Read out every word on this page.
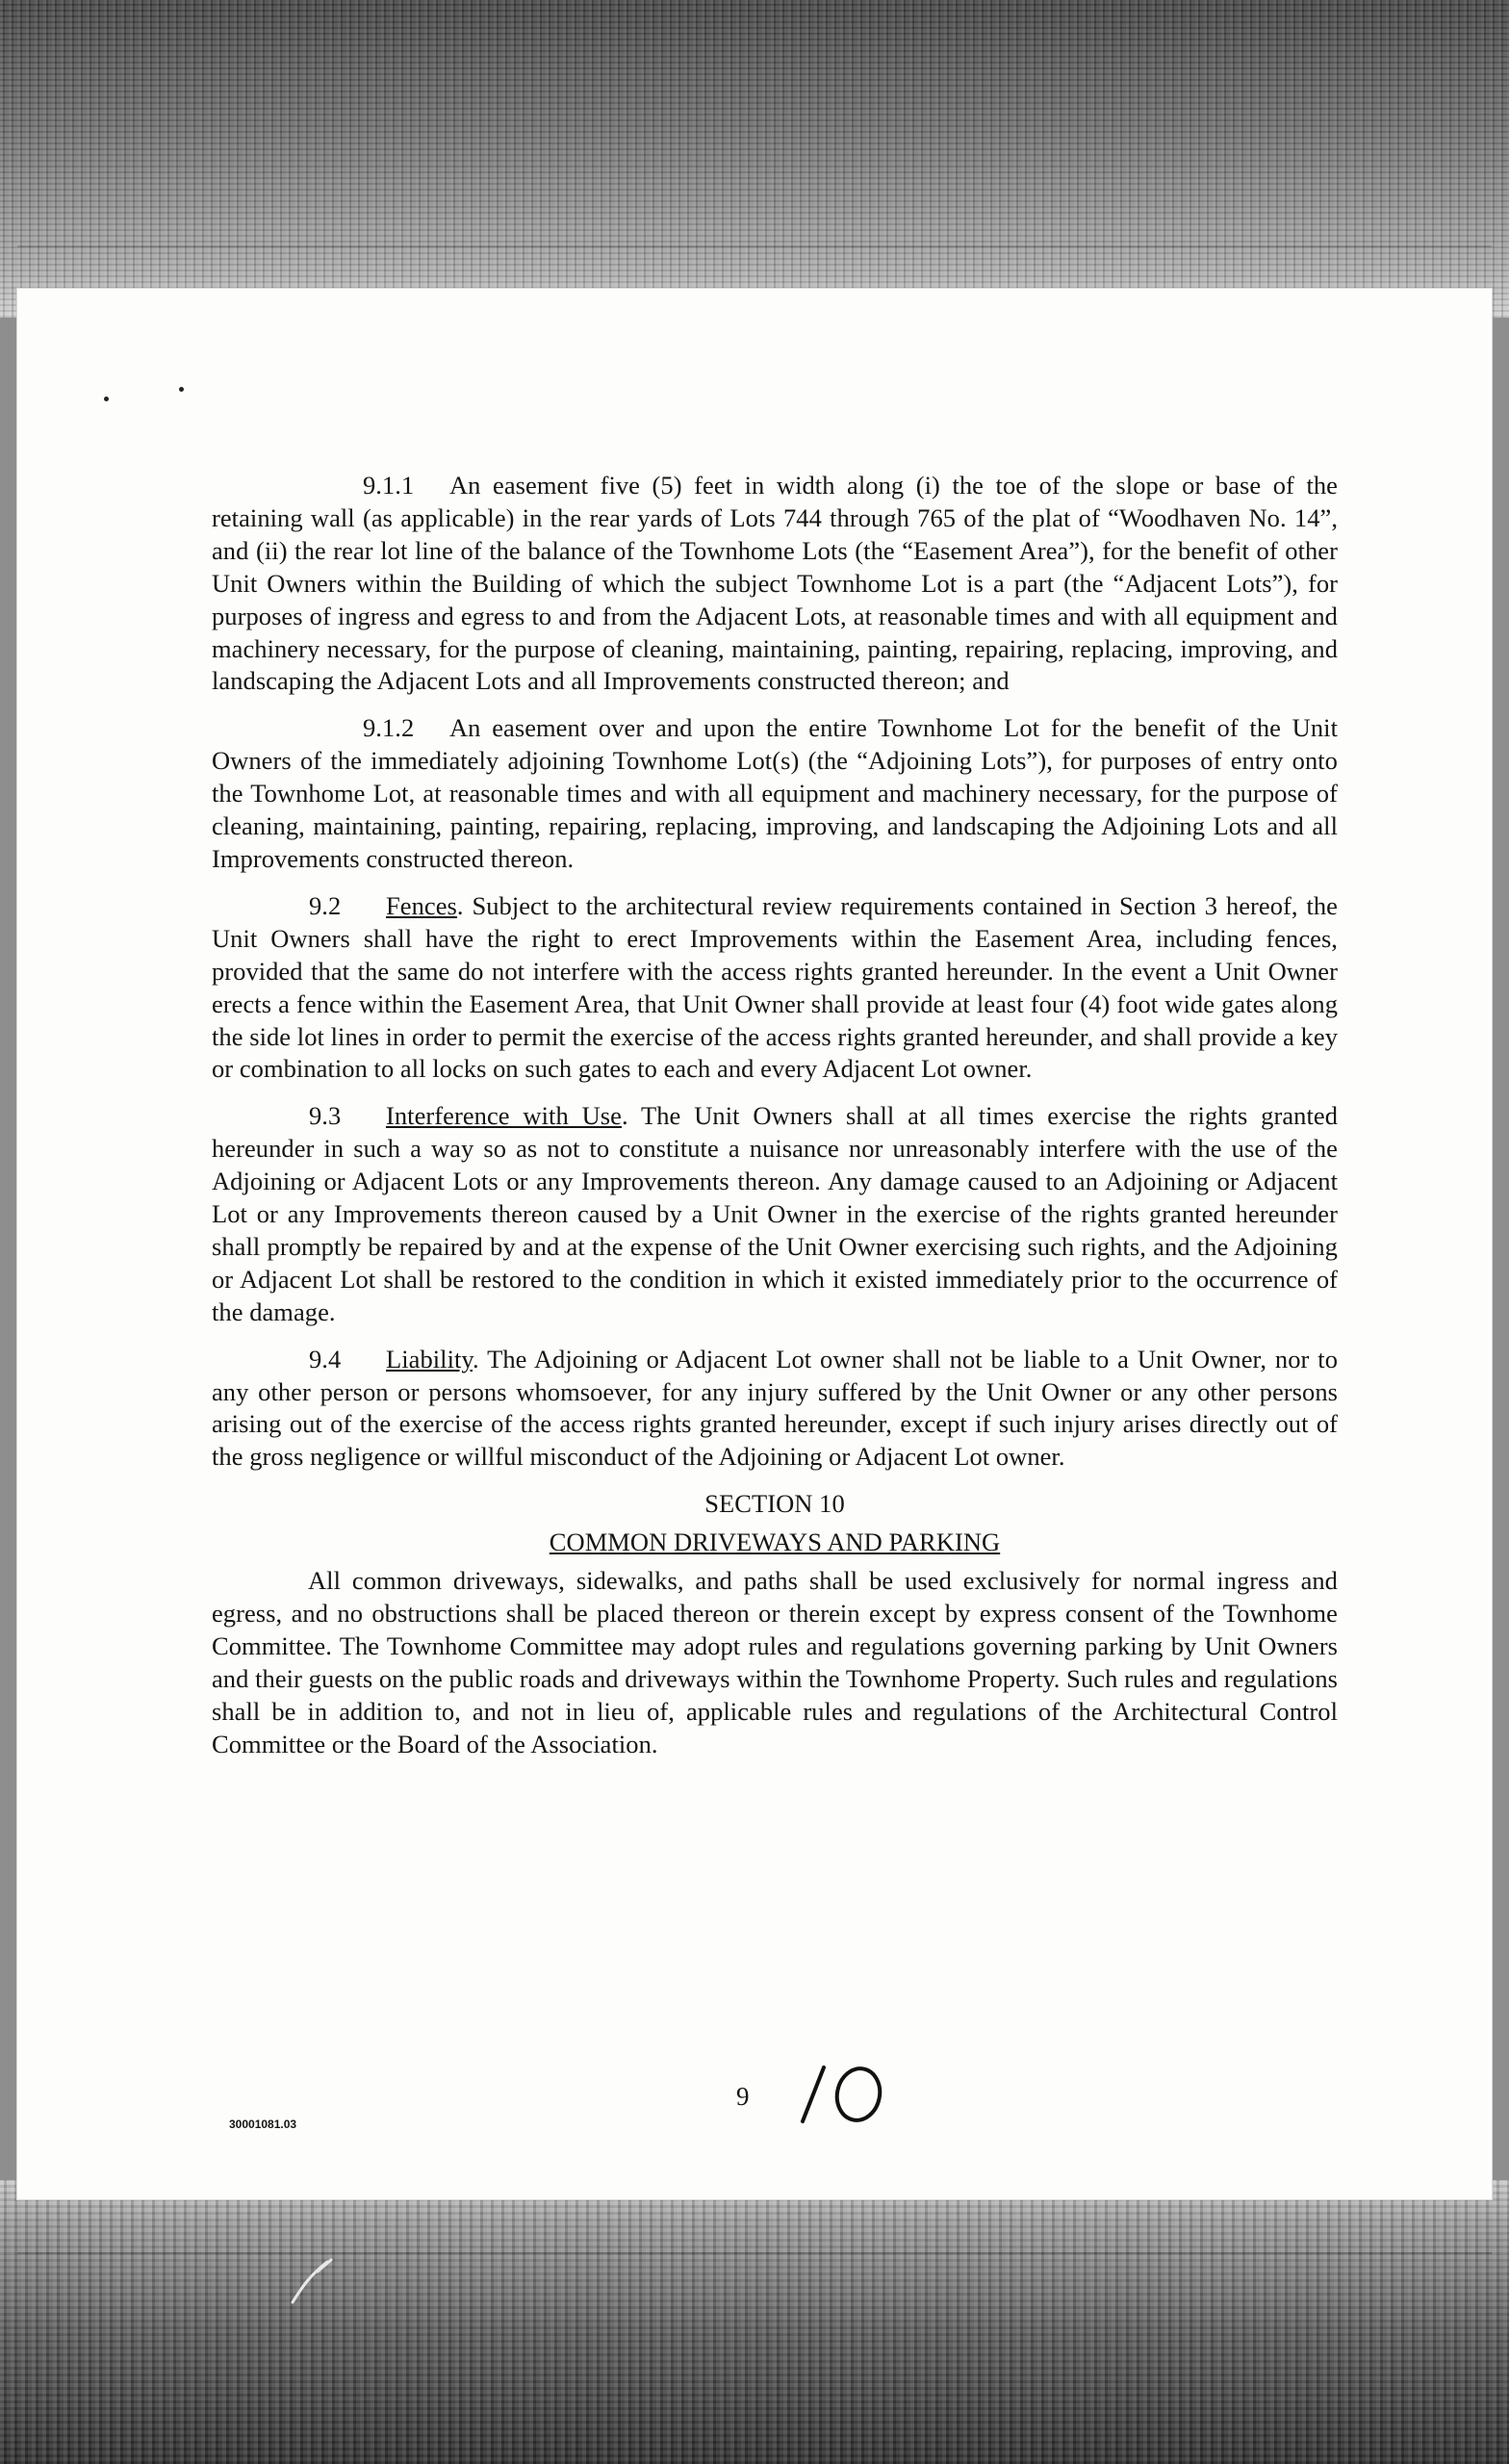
9.1.1 An easement five (5) feet in width along (i) the toe of the slope or base of the retaining wall (as applicable) in the rear yards of Lots 744 through 765 of the plat of “Woodhaven No. 14”, and (ii) the rear lot line of the balance of the Townhome Lots (the “Easement Area”), for the benefit of other Unit Owners within the Building of which the subject Townhome Lot is a part (the “Adjacent Lots”), for purposes of ingress and egress to and from the Adjacent Lots, at reasonable times and with all equipment and machinery necessary, for the purpose of cleaning, maintaining, painting, repairing, replacing, improving, and landscaping the Adjacent Lots and all Improvements constructed thereon; and

9.1.2 An easement over and upon the entire Townhome Lot for the benefit of the Unit Owners of the immediately adjoining Townhome Lot(s) (the “Adjoining Lots”), for purposes of entry onto the Townhome Lot, at reasonable times and with all equipment and machinery necessary, for the purpose of cleaning, maintaining, painting, repairing, replacing, improving, and landscaping the Adjoining Lots and all Improvements constructed thereon.

9.2 Fences. Subject to the architectural review requirements contained in Section 3 hereof, the Unit Owners shall have the right to erect Improvements within the Easement Area, including fences, provided that the same do not interfere with the access rights granted hereunder. In the event a Unit Owner erects a fence within the Easement Area, that Unit Owner shall provide at least four (4) foot wide gates along the side lot lines in order to permit the exercise of the access rights granted hereunder, and shall provide a key or combination to all locks on such gates to each and every Adjacent Lot owner.

9.3 Interference with Use. The Unit Owners shall at all times exercise the rights granted hereunder in such a way so as not to constitute a nuisance nor unreasonably interfere with the use of the Adjoining or Adjacent Lots or any Improvements thereon. Any damage caused to an Adjoining or Adjacent Lot or any Improvements thereon caused by a Unit Owner in the exercise of the rights granted hereunder shall promptly be repaired by and at the expense of the Unit Owner exercising such rights, and the Adjoining or Adjacent Lot shall be restored to the condition in which it existed immediately prior to the occurrence of the damage.

9.4 Liability. The Adjoining or Adjacent Lot owner shall not be liable to a Unit Owner, nor to any other person or persons whomsoever, for any injury suffered by the Unit Owner or any other persons arising out of the exercise of the access rights granted hereunder, except if such injury arises directly out of the gross negligence or willful misconduct of the Adjoining or Adjacent Lot owner.

SECTION 10

COMMON DRIVEWAYS AND PARKING

All common driveways, sidewalks, and paths shall be used exclusively for normal ingress and egress, and no obstructions shall be placed thereon or therein except by express consent of the Townhome Committee. The Townhome Committee may adopt rules and regulations governing parking by Unit Owners and their guests on the public roads and driveways within the Townhome Property. Such rules and regulations shall be in addition to, and not in lieu of, applicable rules and regulations of the Architectural Control Committee or the Board of the Association.

30001081.03
9
